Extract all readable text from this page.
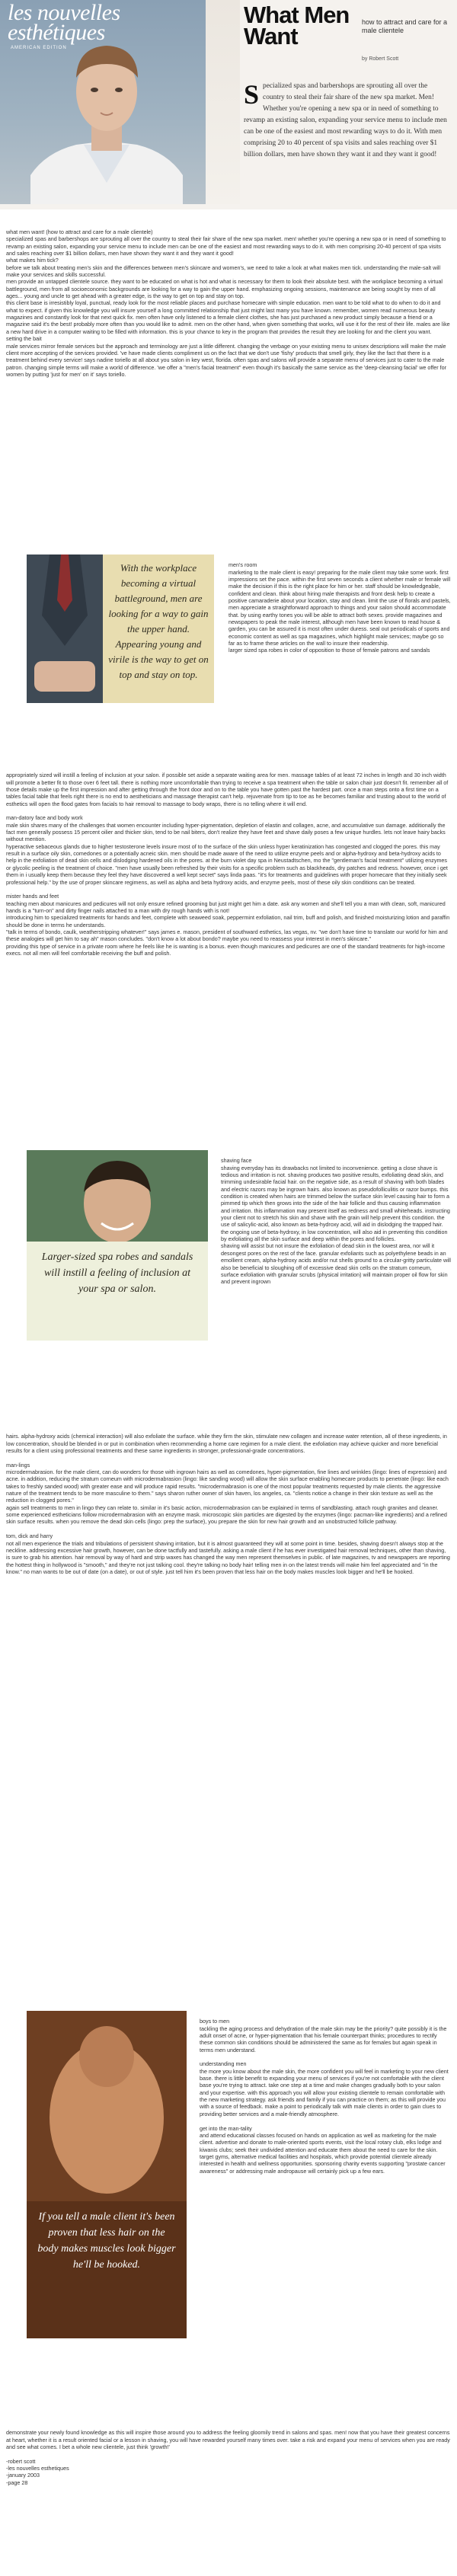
les nouvelles
esthétiques
AMERICAN EDITION
What Men Want
how to attract and care for a male clientele
by Robert Scott
S pecialized spas and barbershops are sprouting all over the country to steal their fair share of the new spa market. Men! Whether you're opening a new spa or in need of something to revamp an existing salon, expanding your service menu to include men can be one of the easiest and most rewarding ways to do it. With men comprising 20 to 40 percent of spa visits and sales reaching over $1 billion dollars, men have shown they want it and they want it good!

what men want! (how to attract and care for a male clientele)

specialized spas and barbershops are sprouting all over the country to steal their fair share of the new spa market. men! whether you're opening a new spa or in need of something to revamp an existing salon, expanding your service menu to include men can be one of the easiest and most rewarding ways to do it. with men comprising 20-40 percent of spa visits and sales reaching over $1 billion dollars, men have shown they want it and they want it good!

what makes him tick?

before we talk about treating men's skin and the differences between men's skincare and women's, we need to take a look at what makes men tick. understanding the male-salt will make your services and skills successful.

men provide an untapped clientele source. they want to be educated on what is hot and what is necessary for them to look their absolute best. with the workplace becoming a virtual battleground, men from all socioeconomic backgrounds are looking for a way to gain the upper hand. emphasizing ongoing sessions, maintenance are being sought by men of all ages... young and uncle to get ahead with a greater edge, is the way to get on top and stay on top.

this client base is irresistibly loyal, punctual, ready look for the most reliable places and purchase homecare with simple education. men want to be told what to do when to do it and what to expect. if given this knowledge you will insure yourself a long committed relationship that just might last many you have known. remember, women read numerous beauty magazines and constantly look for that next quick fix. men often have only listened to a female client clothes, she has just purchased a new product simply because a friend or a magazine said it's the best! probably more often than you would like to admit. men on the other hand, when given something that works, will use it for the rest of their life. males are like a new hard drive in a computer waiting to be filled with information. this is your chance to key in the program that provides the result they are looking for and the client you want.

setting the bait

male services mirror female services but the approach and terminology are just a little different. changing the verbage on your existing menu to unisex descriptions will make the male client more accepting of the services provided. 've have made clients compliment us on the fact that we don't use 'fishy' products that smell girly, they like the fact that there is a treatment behind every service! says nadine toriello at all about you salon in key west, florida. often spas and salons will provide a separate menu of services just to cater to the male patron. changing simple terms will make a world of difference. 'we offer a "men's facial treatment" even though it's basically the same service as the 'deep-cleansing facial' we offer for women by putting 'just for men' on it' says toriello.

With the workplace becoming a virtual battleground, men are looking for a way to gain the upper hand. Appearing young and virile is the way to get on top and stay on top.

men's room
marketing to the male client is easy! preparing for the male client may take some work. first impressions set the pace. within the first seven seconds a client whether male or female will make the decision if this is the right place for him or her. staff should be knowledgeable, confident and clean. think about hiring male therapists and front desk help to create a positive camaraderie about your location, stay and clean. limit the use of florals and pastels, men appreciate a straightforward approach to things and your salon should accommodate that. by using earthy tones you will be able to attract both sexes. provide magazines and newspapers to peak the male interest, although men have been known to read house & garden, you can be assured it is most often under duress. seal out periodicals of sports and economic content as well as spa magazines, which highlight male services; maybe go so far as to frame these articles on the wall to insure their readership.
larger sized spa robes in color of opposition to those of female patrons and sandals

appropriately sized will instill a feeling of inclusion at your salon. if possible set aside a separate waiting area for men. massage tables of at least 72 inches in length and 30 inch width will promote a better fit to those over 6 feet tall. there is nothing more uncomfortable than trying to receive a spa treatment when the table or salon chair just doesn't fit. remember all of those details make up the first impression and after getting through the front door and on to the table you have gotten past the hardest part. once a man steps onto a first time on a tables facial table that feels right there is no end to aestheticians and massage therapist can't help. rejuvenate from tip to toe as he becomes familiar and trusting about to the world of esthetics will open the flood gates from facials to hair removal to massage to body wraps, there is no telling where it will end.

man-datory face and body work
male skin shares many of the challenges that women encounter including hyper-pigmentation, depletion of elastin and collagen, acne, and accumulative sun damage. additionally the fact men generally possess 15 percent oilier and thicker skin, tend to be nail biters, don't realize they have feet and shave daily poses a few unique hurdles. lets not leave hairy backs without mention.
hyperactive sebaceous glands due to higher testosterone levels insure most of to the surface of the skin unless hyper keratinization has congested and clogged the pores. this may result in a surface oily skin, comedones or a potentially acneic skin. men should be made aware of the need to utilize enzyme peels and or alpha-hydroxy and beta-hydroxy acids to help in the exfoliation of dead skin cells and dislodging hardened oils in the pores. at the burn violet day spa in Neustadtschen, mo the "gentleman's facial treatment" utilizing enzymes or glycolic peeling is the treatment of choice. "men have usually been refreshed by their visits for a specific problem such as blackheads, dry patches and redness. however, once i get them in i usually keep them because they feel they have discovered a well kept secret" says linda paas. "it's for treatments and guidelines with proper homecare that they initially seek professional help." by the use of proper skincare regimens, as well as alpha and beta hydroxy acids, and enzyme peels, most of these oily skin conditions can be treated.

mister hands and feet
teaching men about manicures and pedicures will not only ensure refined grooming but just might get him a date. ask any women and she'll tell you a man with clean, soft, manicured hands is a "turn-on" and dirty finger nails attached to a man with dry rough hands with is not!
introducing him to specialized treatments for hands and feet, complete with seaweed soak, peppermint exfoliation, nail trim, buff and polish, and finished moisturizing lotion and paraffin should be done in terms he understands.
"talk in terms of bondo, caulk, weatherstripping whatever!" says james e. mason, president of southward esthetics, las vegas, nv. "we don't have time to translate our world for him and these analogies will get him to say ah" mason concludes. "don't know a lot about bondo? maybe you need to reassess your interest in men's skincare."
providing this type of service in a private room where he feels like he is wanting is a bonus. even though manicures and pedicures are one of the standard treatments for high-income execs. not all men will feel comfortable receiving the buff and polish.

Larger-sized spa robes and sandals will instill a feeling of inclusion at your spa or salon.

shaving face
shaving everyday has its drawbacks not limited to inconvenience. getting a close shave is tedious and irritation is not. shaving produces two positive results, exfoliating dead skin, and trimming undesirable facial hair. on the negative side, as a result of shaving with both blades and electric razors may be ingrown hairs. also known as pseudofolliculitis or razor bumps. this condition is created when hairs are trimmed below the surface skin level causing hair to form a pimmed tip which then grows into the side of the hair follicle and thus causing inflammation and irritation. this inflammation may present itself as redness and small whiteheads. instructing your client not to stretch his skin and shave with the grain will help prevent this condition. the use of salicylic-acid, also known as beta-hydroxy acid, will aid in dislodging the trapped hair. the ongoing use of beta-hydroxy, in low concentration, will also aid in preventing this condition by exfoliating all the skin surface and deep within the pores and follicles.
shaving will assist but not insure the exfoliation of dead skin in the lowest area, nor will it desongest pores on the rest of the face. granular exfoliants such as polyethylene beads in an emollient cream, alpha-hydroxy acids and/or nut shells ground to a circular-gritty particulate will also be beneficial to sloughing off of excessive dead skin cells on the stratum corneum, surface exfoliation with granular scrubs (physical irritation) will maintain proper oil flow for skin and prevent ingrown

hairs. alpha-hydroxy acids (chemical interaction) will also exfoliate the surface. while they firm the skin, stimulate new collagen and increase water retention, all of these ingredients, in low concentration, should be blended in or put in combination when recommending a home care regimen for a male client. the exfoliation may achieve quicker and more beneficial results for a client using professional treatments and these same ingredients in stronger, professional-grade concentrations.

man-lings
microdermabrasion. for the male client, can do wonders for those with ingrown hairs as well as comedones, hyper-pigmentation, fine lines and wrinkles (lingo: lines of expression) and acne. in addition, reducing the stratum corneum with microdermabrasion (lingo: like sanding wood) will allow the skin surface enabling homecare products to penetrate (lingo: like each takes to freshly sanded wood) with greater ease and will produce rapid results. "microdermabrasion is one of the most popular treatments requested by male clients. the aggressive nature of the treatment tends to be more masculine to them." says sharon ruther owner of skin haven, los angeles, ca. "clients notice a change in their skin texture as well as the reduction in clogged pores."
again sell treatments to men in lingo they can relate to. similar in it's basic action, microdermabrasion can be explained in terms of sandblasting. attach rough granites and cleaner.
some experienced estheticians follow microdermabrasion with an enzyme mask. microscopic skin particles are digested by the enzymes (lingo: pacman-like ingredients) and a refined skin surface results. when you remove the dead skin cells (lingo: prep the surface), you prepare the skin for new hair growth and an unobstructed follicle pathway.

tom, dick and harry
not all men experience the trials and tribulations of persistent shaving irritation, but it is almost guaranteed they will at some point in time. besides, shaving doesn't always stop at the neckline. addressing excessive hair growth, however, can be done tactfully and tastefully. asking a male client if he has ever investigated hair removal techniques, other than shaving, is sure to grab his attention. hair removal by way of hard and strip waxes has changed the way men represent themselves in public. of late magazines, tv and newspapers are reporting the hottest thing in hollywood is "smooth," and they're not just talking cool. they're talking no body hair! telling men in on the latest trends will make him feel appreciated and "in the know." no man wants to be out of date (on a date), or out of style. just tell him it's been proven that less hair on the body makes muscles look bigger and he'll be hooked.

If you tell a male client it's been proven that less hair on the body makes muscles look bigger he'll be hooked.

boys to men
tackling the aging process and dehydration of the male skin may be the priority? quite possibly it is the adult onset of acne, or hyper-pigmentation that his female counterpart thinks; procedures to rectify these common skin conditions should be administered the same as for females but again speak in terms men understand.

understanding men
the more you know about the male skin, the more confident you will feel in marketing to your new client base. there is little benefit to expanding your menu of services if you're not comfortable with the client base you're trying to attract. take one step at a time and make changes gradually both to your salon and your expertise. with this approach you will allow your existing clientele to remain comfortable with the new marketing strategy. ask friends and family if you can practice on them; as this will provide you with a source of feedback. make a point to periodically talk with male clients in order to gain clues to providing better services and a male-friendly atmosphere.

get into the man-tality
and attend educational classes focused on hands on application as well as marketing for the male client. advertise and donate to male-oriented sports events, visit the local rotary club, elks lodge and kiwanis clubs; seek their undivided attention and educate them about the need to care for the skin. target gyms, alternative medical facilities and hospitals, which provide potential clientele already interested in health and wellness opportunities. sponsoring charity events supporting "prostate cancer awareness" or addressing male andropause will certainly pick up a few ears.

demonstrate your newly found knowledge as this will inspire those around you to address the feeling gloomily trend in salons and spas. men! now that you have their greatest concerns at heart, whether it is a result oriented facial or a lesson in shaving, you will have rewarded yourself many times over. take a risk and expand your menu of services when you are ready and see what comes. I bet a whole new clientele, just think 'growth!'

-robert scott
-les nouvelles esthetiques
-january 2003
-page 28
